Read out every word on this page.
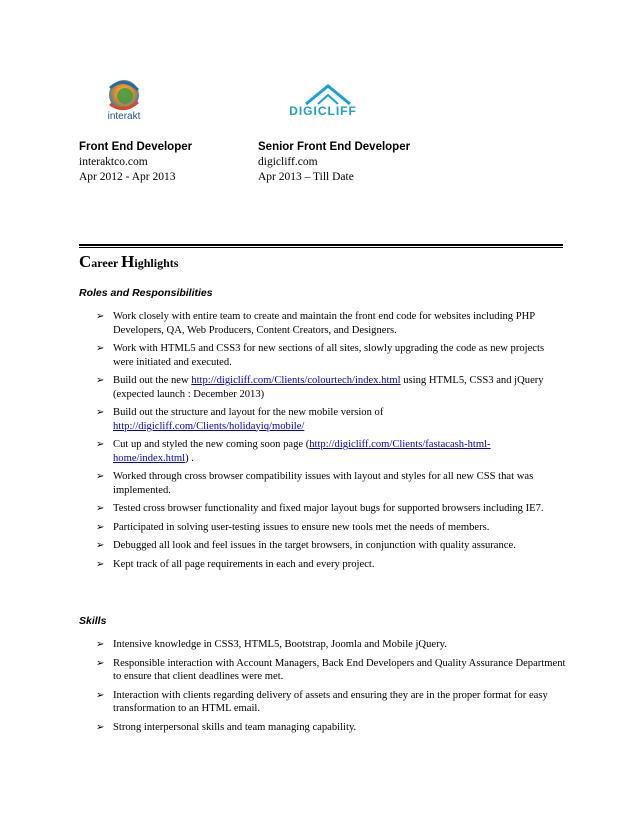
interakt	DIGICLIFF
Front End Developer
interaktco.com
Apr 2012 - Apr 2013
Senior Front End Developer
digicliff.com
Apr 2013 – Till Date
Career Highlights
Roles and Responsibilities
➢ Work closely with entire team to create and maintain the front end code for websites including PHP Developers, QA, Web Producers, Content Creators, and Designers.
➢ Work with HTML5 and CSS3 for new sections of all sites, slowly upgrading the code as new projects were initiated and executed.
➢ Build out the new http://digicliff.com/Clients/colourtech/index.html using HTML5, CSS3 and jQuery (expected launch : December 2013)
➢ Build out the structure and layout for the new mobile version of http://digicliff.com/Clients/holidayiq/mobile/
➢ Cut up and styled the new coming soon page (http://digicliff.com/Clients/fastacash-html-home/index.html) .
➢ Worked through cross browser compatibility issues with layout and styles for all new CSS that was implemented.
➢ Tested cross browser functionality and fixed major layout bugs for supported browsers including IE7.
➢ Participated in solving user-testing issues to ensure new tools met the needs of members.
➢ Debugged all look and feel issues in the target browsers, in conjunction with quality assurance.
➢ Kept track of all page requirements in each and every project.
Skills
➢ Intensive knowledge in CSS3, HTML5, Bootstrap, Joomla and Mobile jQuery.
➢ Responsible interaction with Account Managers, Back End Developers and Quality Assurance Department to ensure that client deadlines were met.
➢ Interaction with clients regarding delivery of assets and ensuring they are in the proper format for easy transformation to an HTML email.
➢ Strong interpersonal skills and team managing capability.
